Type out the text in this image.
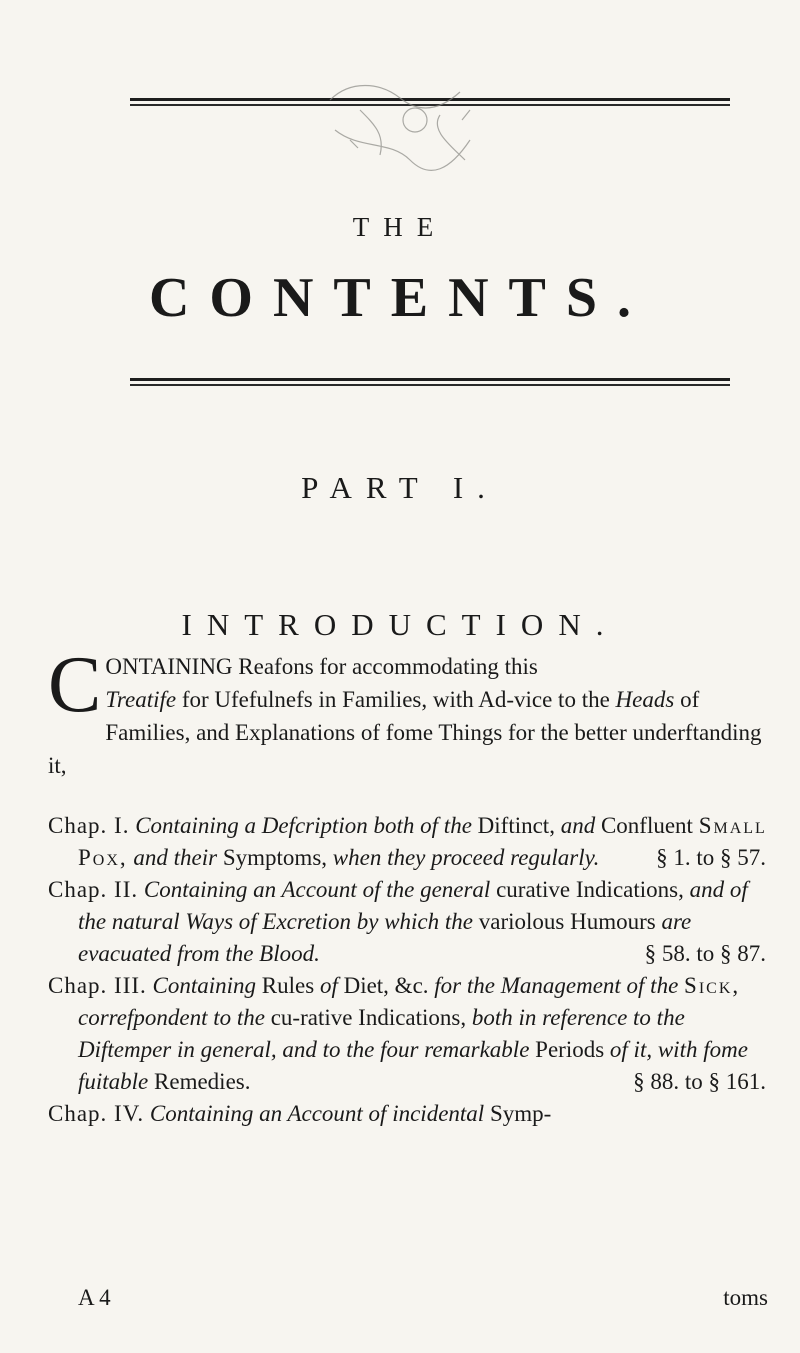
THE
CONTENTS.
PART I.
INTRODUCTION.
CONTAINING Reafons for accommodating this
Treatife for Ufefulnefs in Families, with Ad-vice to the Heads of Families, and Explanations of fome Things for the better underftanding it,

Chap. I. Containing a Defcription both of the Diftinct, and Confluent Small Pox, and their Symptoms, when they proceed regularly. § 1. to § 57.

Chap. II. Containing an Account of the general curative Indications, and of the natural Ways of Excretion by which the variolous Humours are evacuated from the Blood.	§ 58. to § 87.

Chap. III. Containing Rules of Diet, &c. for the Management of the Sick, correfpondent to the cu-rative Indications, both in reference to the Diftemper in general, and to the four remarkable Periods of it, with fome fuitable Remedies.	§ 88. to § 161.

Chap. IV. Containing an Account of incidental Symp-

A 4	toms
